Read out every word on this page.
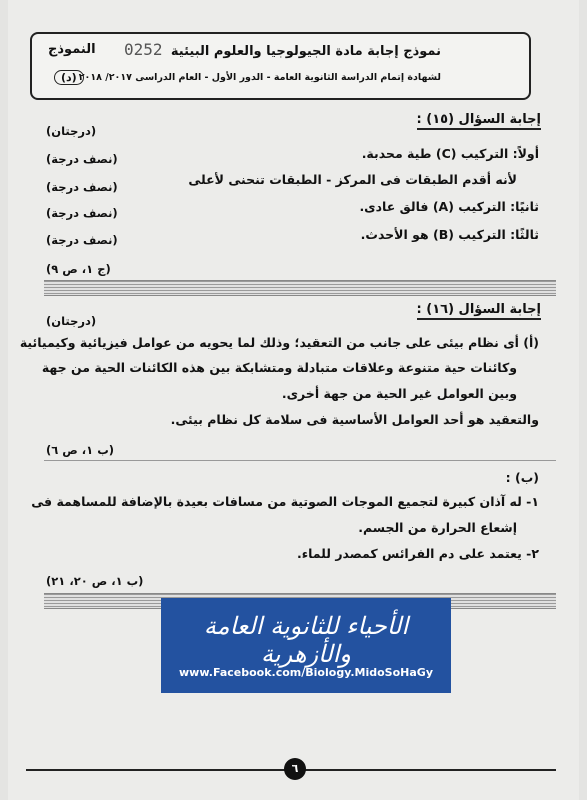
نموذج إجابة مادة الجيولوجيا والعلوم البيئية
لشهادة إتمام الدراسة الثانوية العامة - الدور الأول - العام الدراسى ٢٠١٧/ ٢٠١٨
0252
النموذج
(د)
إجابة السؤال (١٥) :
(درجتان)
أولاً: التركيب (C) طية محدبة.
لأنه أقدم الطبقات فى المركز - الطبقات تنحنى لأعلى
ثانيًا: التركيب (A) فالق عادى.
ثالثًا: التركيب (B) هو الأحدث.
(نصف درجة)
(نصف درجة)
(نصف درجة)
(نصف درجة)
(ج ١، ص ٩)
إجابة السؤال (١٦) :
(درجتان)
(أ) أى نظام بيئى على جانب من التعقيد؛ وذلك لما يحويه من عوامل فيزيائية وكيميائية
وكائنات حية متنوعة وعلاقات متبادلة ومتشابكة بين هذه الكائنات الحية من جهة
وبين العوامل غير الحية من جهة أخرى.
والتعقيد هو أحد العوامل الأساسية فى سلامة كل نظام بيئى.
(ب ١، ص ٦)
(ب) :
١- له آذان كبيرة لتجميع الموجات الصوتية من مسافات بعيدة بالإضافة للمساهمة فى
إشعاع الحرارة من الجسم.
٢- يعتمد على دم الفرائس كمصدر للماء.
(ب ١، ص ٢٠، ٢١)
٦
الأحياء للثانوية العامة والأزهرية
www.Facebook.com/Biology.MidoSoHaGy
